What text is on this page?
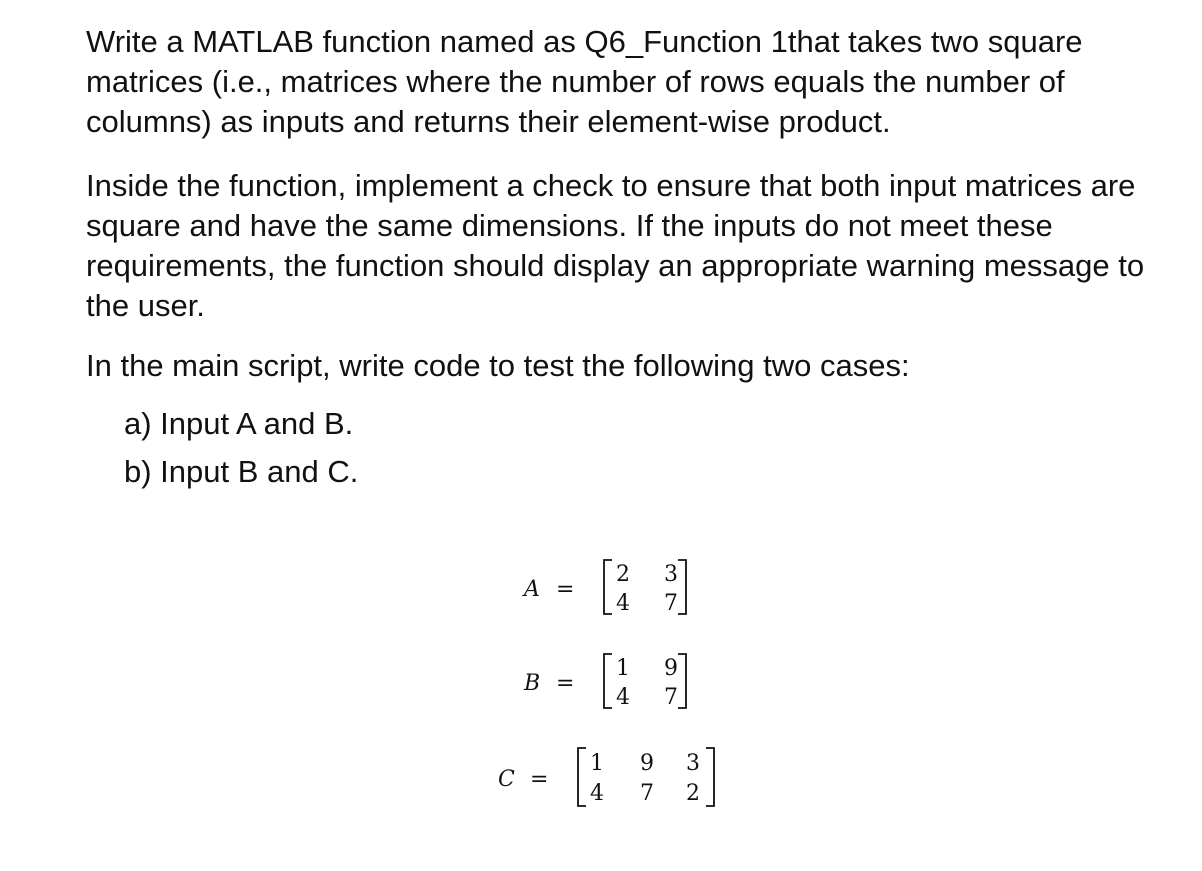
Write a MATLAB function named as Q6_Function 1that takes two square matrices (i.e., matrices where the number of rows equals the number of columns) as inputs and returns their element-wise product.

Inside the function, implement a check to ensure that both input matrices are square and have the same dimensions. If the inputs do not meet these requirements, the function should display an appropriate warning message to the user.

In the main script, write code to test the following two cases:

a) Input A and B.
b) Input B and C.
A =
2 3
4 7
B =
1 9
4 7
C =
1 9 3
4 7 2
